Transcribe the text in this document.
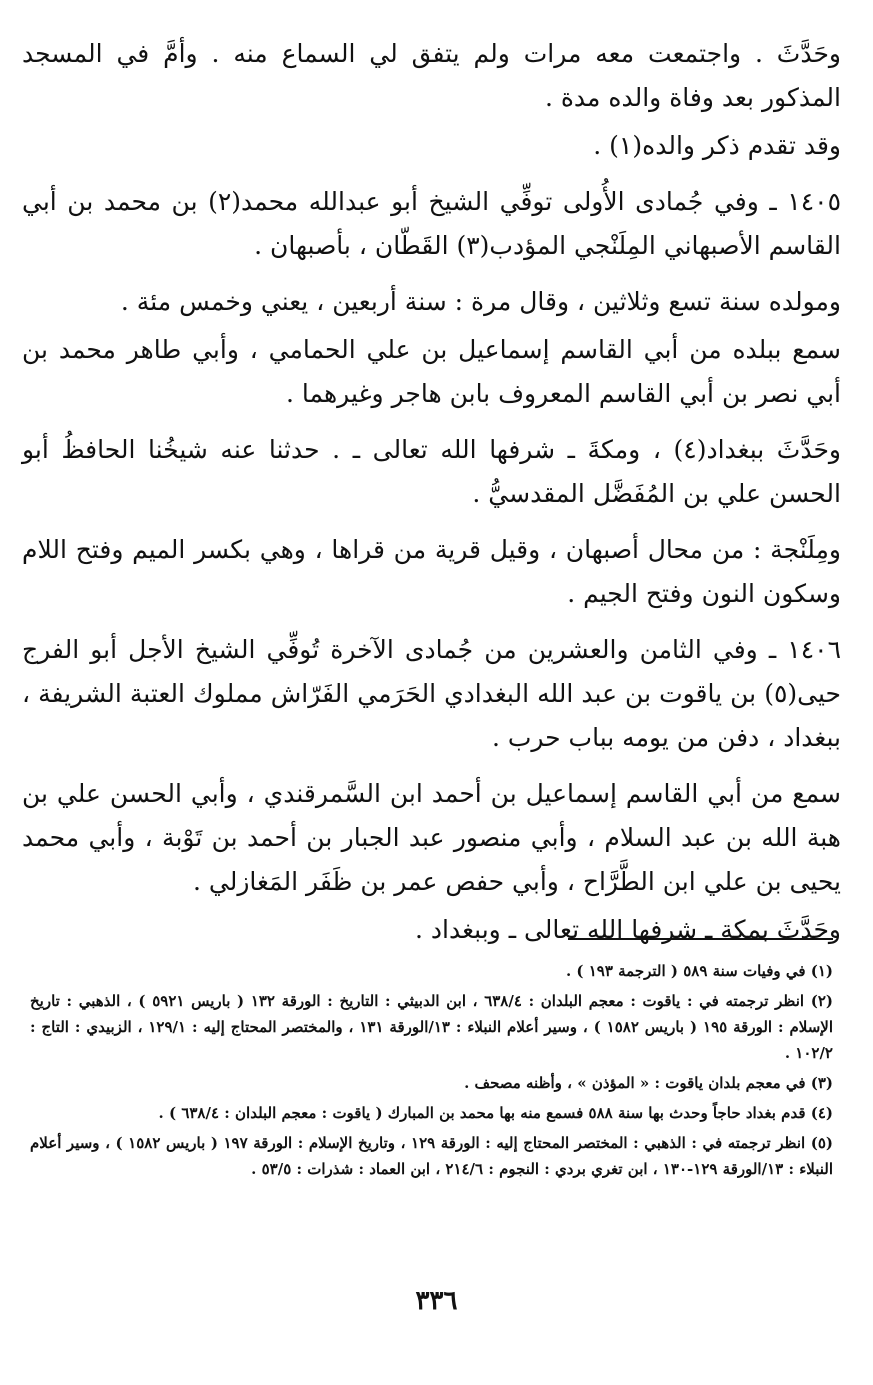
وحَدَّثَ . واجتمعت معه مرات ولم يتفق لي السماع منه . وأمَّ في المسجد المذكور بعد وفاة والده مدة .

وقد تقدم ذكر والده(١) .

١٤٠٥ ـ وفي جُمادى الأُولى توفِّي الشيخ أبو عبدالله محمد(٢) بن محمد بن أبي القاسم الأصبهاني المِلَنْجي المؤدب(٣) القَطّان ، بأصبهان .

ومولده سنة تسع وثلاثين ، وقال مرة : سنة أربعين ، يعني وخمس مئة .

سمع ببلده من أبي القاسم إسماعيل بن علي الحمامي ، وأبي طاهر محمد بن أبي نصر بن أبي القاسم المعروف بابن هاجر وغيرهما .

وحَدَّثَ ببغداد(٤) ، ومكةَ ـ شرفها الله تعالى ـ . حدثنا عنه شيخُنا الحافظُ أبو الحسن علي بن المُفَضَّل المقدسيُّ .

ومِلَنْجة : من محال أصبهان ، وقيل قرية من قراها ، وهي بكسر الميم وفتح اللام وسكون النون وفتح الجيم .

١٤٠٦ ـ وفي الثامن والعشرين من جُمادى الآخرة تُوفِّي الشيخ الأجل أبو الفرج حيى(٥) بن ياقوت بن عبد الله البغدادي الحَرَمي الفَرّاش مملوك العتبة الشريفة ، ببغداد ، دفن من يومه بباب حرب .

سمع من أبي القاسم إسماعيل بن أحمد ابن السَّمرقندي ، وأبي الحسن علي بن هبة الله بن عبد السلام ، وأبي منصور عبد الجبار بن أحمد بن تَوْبة ، وأبي محمد يحيى بن علي ابن الطَّرَّاح ، وأبي حفص عمر بن ظَفَر المَغازلي .

وحَدَّثَ بمكة ـ شرفها الله تعالى ـ وببغداد .

(١) في وفيات سنة ٥٨٩ ( الترجمة ١٩٣ ) .

(٢) انظر ترجمته في : ياقوت : معجم البلدان : ٦٣٨/٤ ، ابن الدبيثي : التاريخ : الورقة ١٣٢ ( باريس ٥٩٢١ ) ، الذهبي : تاريخ الإسلام : الورقة ١٩٥ ( باريس ١٥٨٢ ) ، وسير أعلام النبلاء : ١٣/الورقة ١٣١ ، والمختصر المحتاج إليه : ١٢٩/١ ، الزبيدي : التاج : ١٠٢/٢ .

(٣) في معجم بلدان ياقوت : « المؤذن » ، وأظنه مصحف .

(٤) قدم بغداد حاجاً وحدث بها سنة ٥٨٨ فسمع منه بها محمد بن المبارك ( ياقوت : معجم البلدان : ٦٣٨/٤ ) .

(٥) انظر ترجمته في : الذهبي : المختصر المحتاج إليه : الورقة ١٢٩ ، وتاريخ الإسلام : الورقة ١٩٧ ( باريس ١٥٨٢ ) ، وسير أعلام النبلاء : ١٣/الورقة ١٢٩-١٣٠ ، ابن تغري بردي : النجوم : ٢١٤/٦ ، ابن العماد : شذرات : ٥٣/٥ .

٣٣٦
